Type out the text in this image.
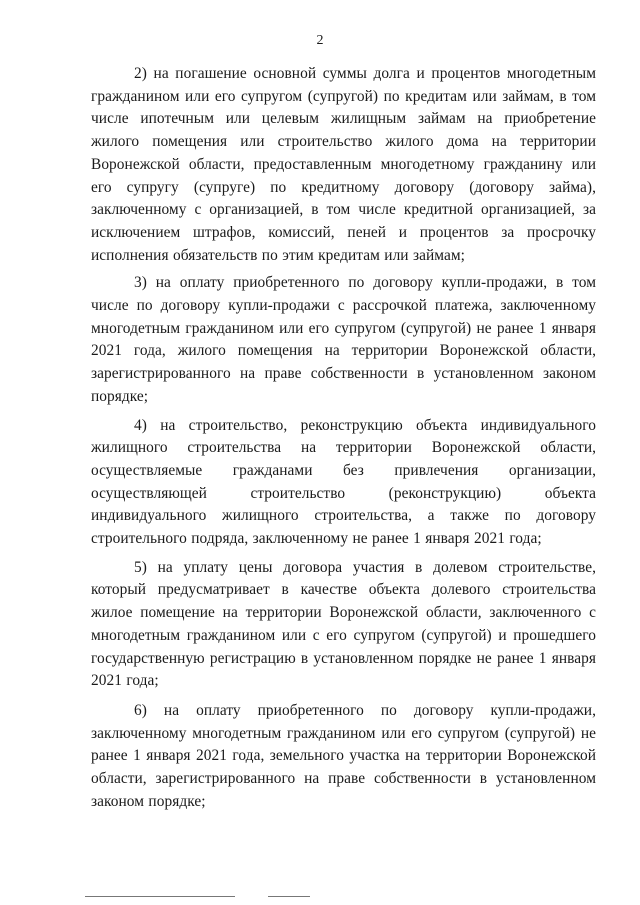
2

2) на погашение основной суммы долга и процентов многодетным гражданином или его супругом (супругой) по кредитам или займам, в том числе ипотечным или целевым жилищным займам на приобретение жилого помещения или строительство жилого дома на территории Воронежской области, предоставленным многодетному гражданину или его супругу (супруге) по кредитному договору (договору займа), заключенному с организацией, в том числе кредитной организацией, за исключением штрафов, комиссий, пеней и процентов за просрочку исполнения обязательств по этим кредитам или займам;

3) на оплату приобретенного по договору купли-продажи, в том числе по договору купли-продажи с рассрочкой платежа, заключенному многодетным гражданином или его супругом (супругой) не ранее 1 января 2021 года, жилого помещения на территории Воронежской области, зарегистрированного на праве собственности в установленном законом порядке;

4) на строительство, реконструкцию объекта индивидуального жилищного строительства на территории Воронежской области, осуществляемые гражданами без привлечения организации, осуществляющей строительство (реконструкцию) объекта индивидуального жилищного строительства, а также по договору строительного подряда, заключенному не ранее 1 января 2021 года;

5) на уплату цены договора участия в долевом строительстве, который предусматривает в качестве объекта долевого строительства жилое помещение на территории Воронежской области, заключенного с многодетным гражданином или с его супругом (супругой) и прошедшего государственную регистрацию в установленном порядке не ранее 1 января 2021 года;

6) на оплату приобретенного по договору купли-продажи, заключенному многодетным гражданином или его супругом (супругой) не ранее 1 января 2021 года, земельного участка на территории Воронежской области, зарегистрированного на праве собственности в установленном законом порядке;
